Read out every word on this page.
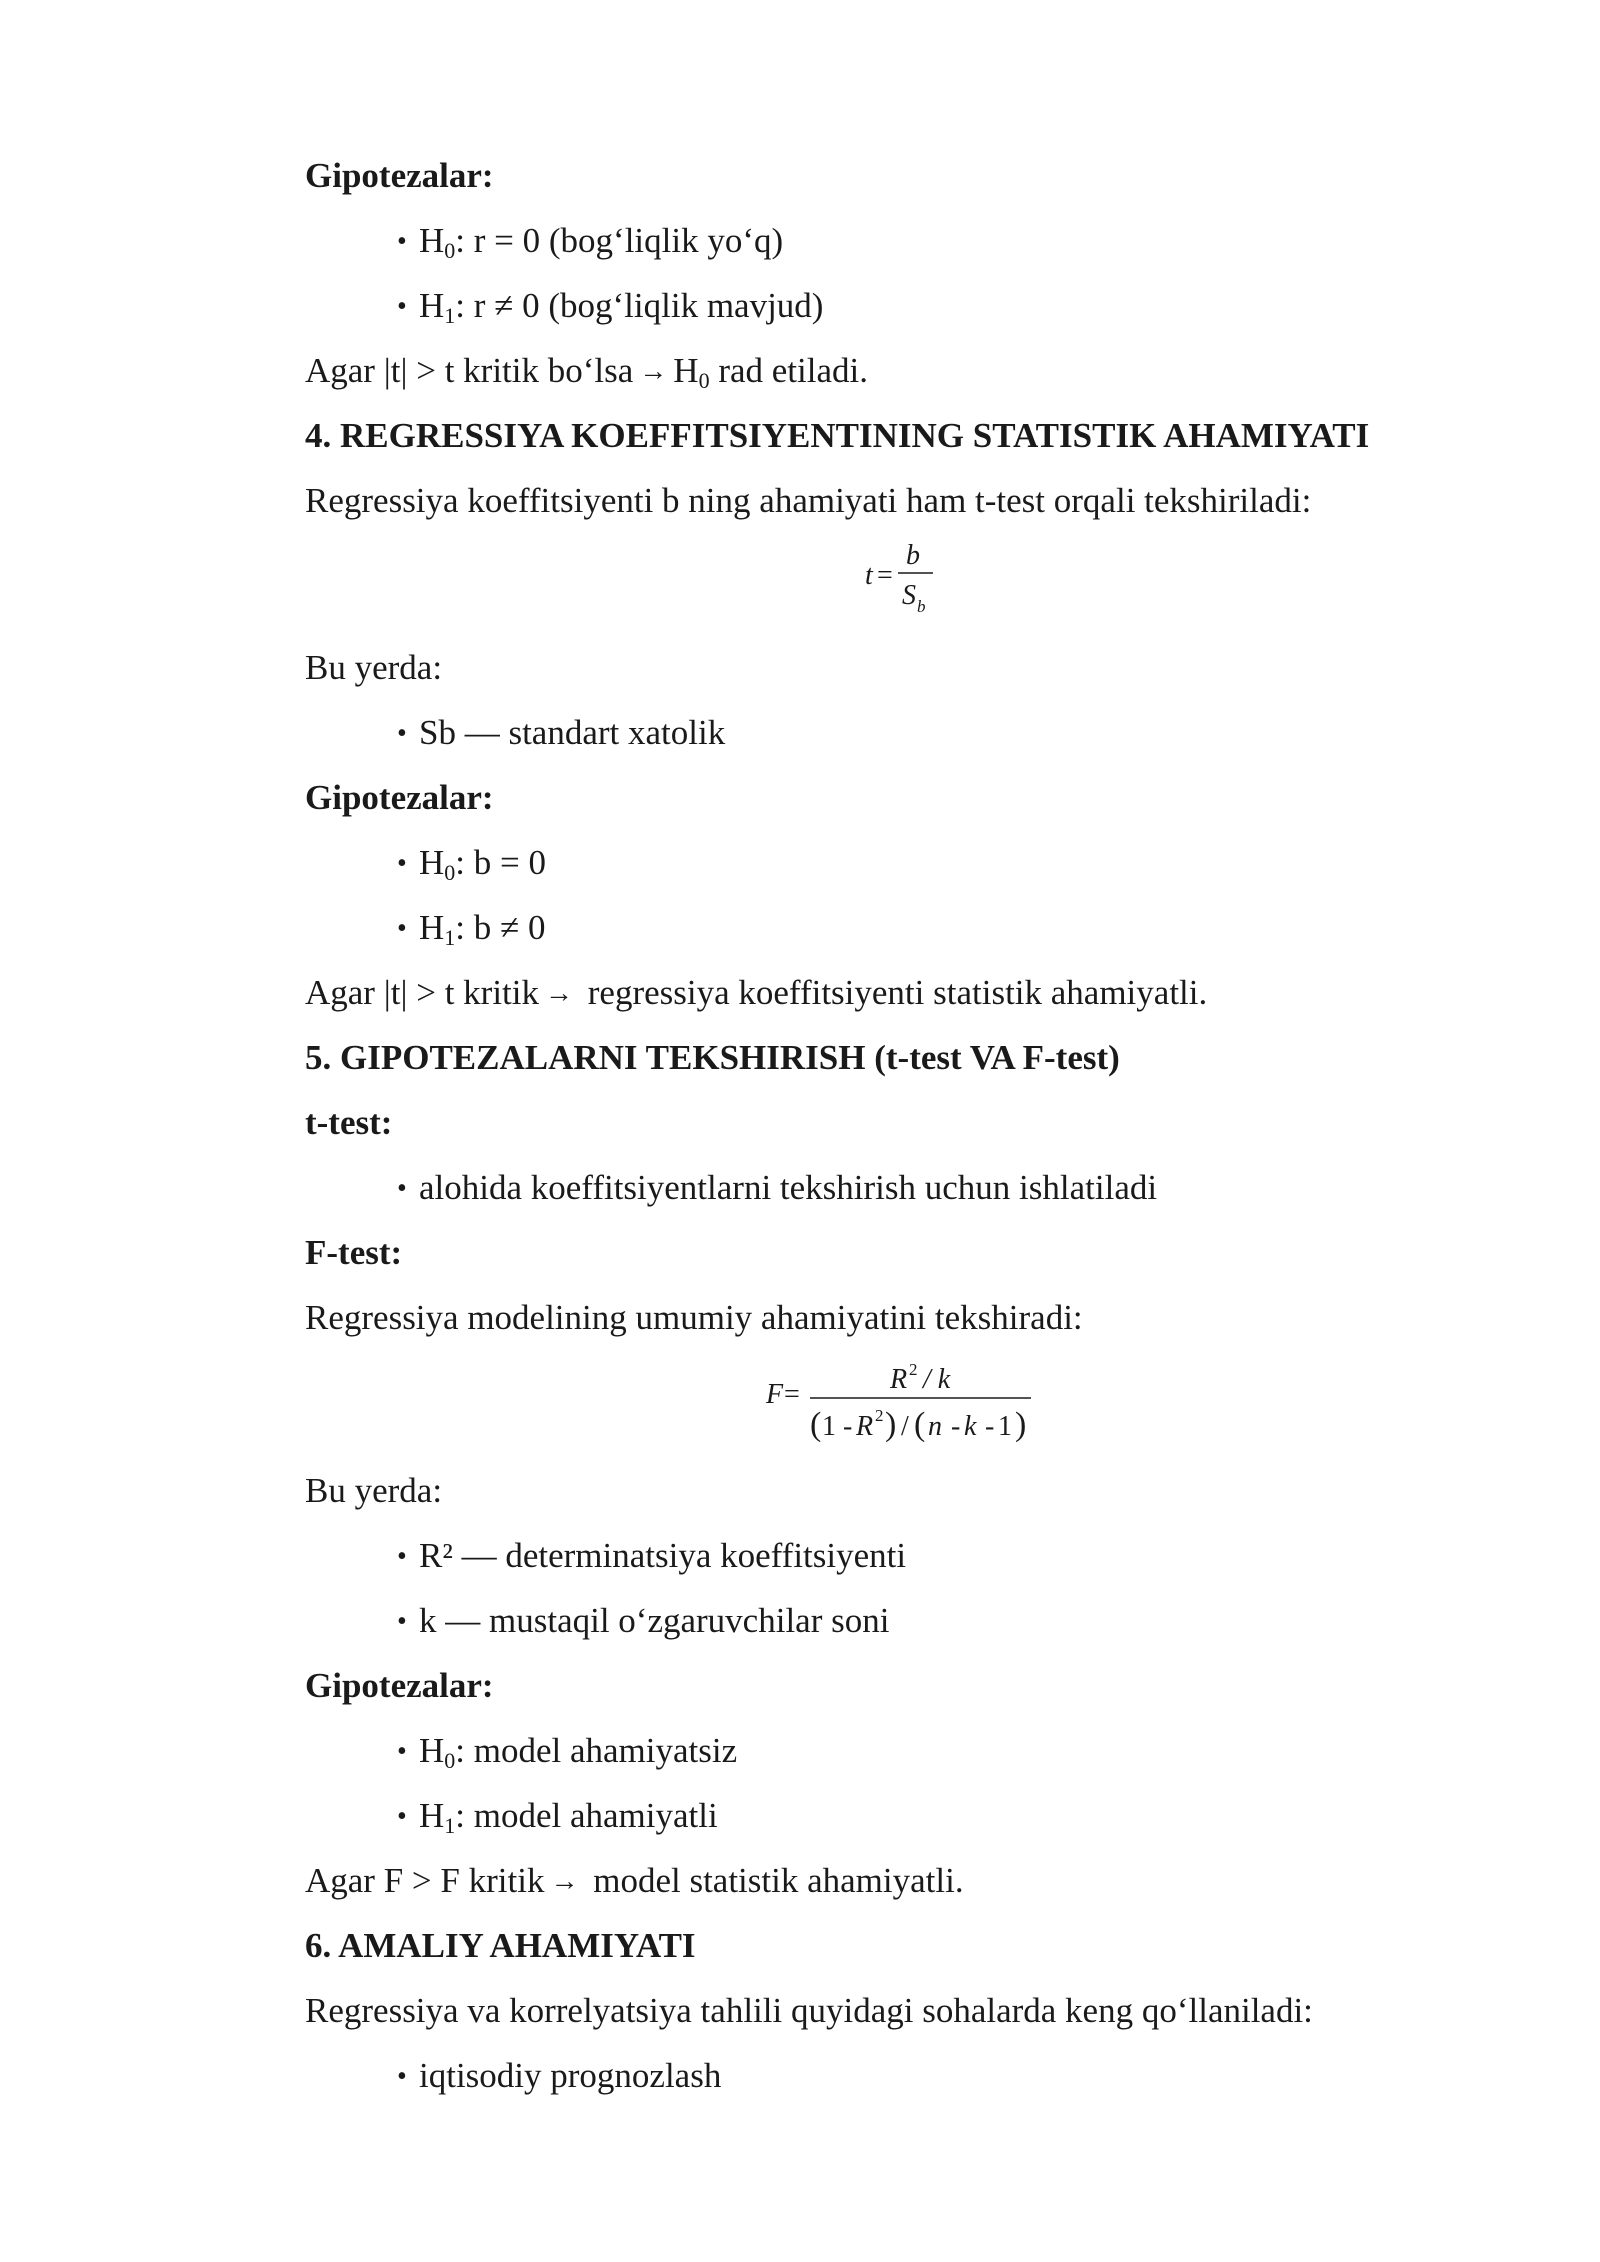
Gipotezalar:
• $H_0$: r = 0 (bog‘liqlik yo‘q)
• $H_1$: r ≠ 0 (bog‘liqlik mavjud)
Agar |t| > t kritik bo‘lsa → $H_0$ rad etiladi.
4. REGRESSIYA KOEFFITSIYENTINING STATISTIK AHAMIYATI
Regressiya koeffitsiyenti b ning ahamiyati ham t-test orqali tekshiriladi:
t =
b
S b
Bu yerda:
• Sb — standart xatolik
Gipotezalar:
• $H_0$: b = 0
• $H_1$: b ≠ 0
Agar |t| > t kritik → regressiya koeffitsiyenti statistik ahamiyatli.
5. GIPOTEZALARNI TEKSHIRISH (t-test VA F-test)
t-test:
• alohida koeffitsiyentlarni tekshirish uchun ishlatiladi
F-test:
Regressiya modelining umumiy ahamiyatini tekshiradi:
F =	R 2
/ k
( 1 -
R 2 )
/
( n -
k -
1 )
Bu yerda:
• R² — determinatsiya koeffitsiyenti
• k — mustaqil o‘zgaruvchilar soni
Gipotezalar:
• $H_0$: model ahamiyatsiz
• $H_1$: model ahamiyatli
Agar F > F kritik → model statistik ahamiyatli.
6. AMALIY AHAMIYATI
Regressiya va korrelyatsiya tahlili quyidagi sohalarda keng qo‘llaniladi:
• iqtisodiy prognozlash
